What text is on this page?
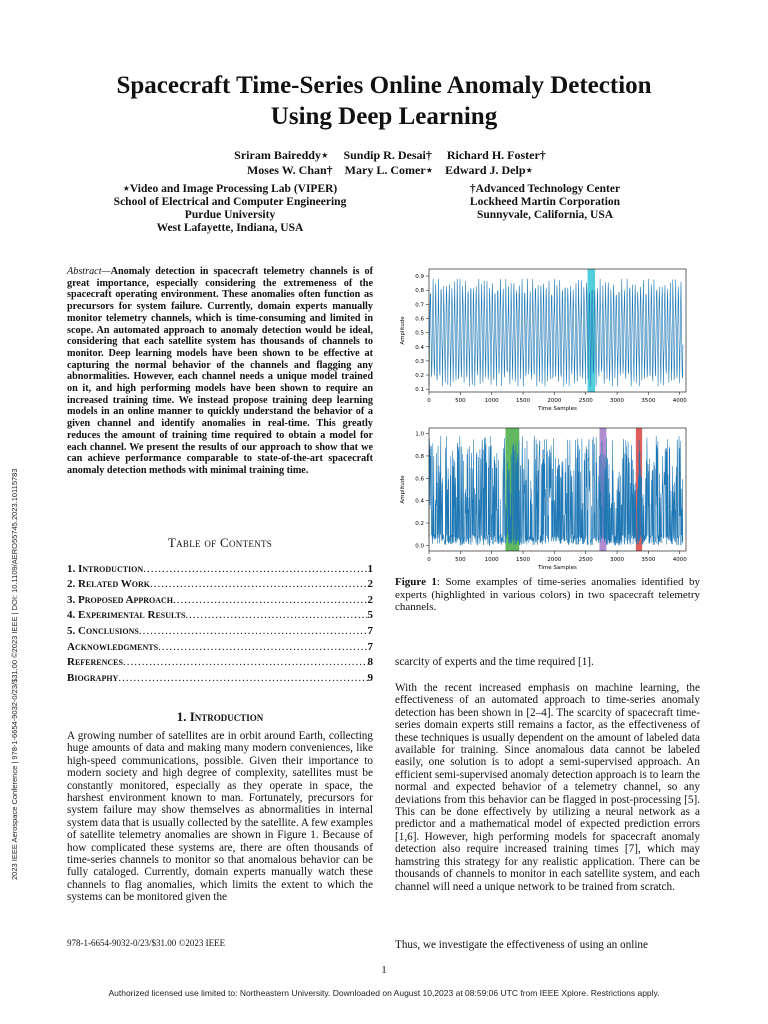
Spacecraft Time-Series Online Anomaly Detection
Using Deep Learning
Sriram Baireddy⋆     Sundip R. Desai†     Richard H. Foster†
Moses W. Chan†    Mary L. Comer⋆    Edward J. Delp⋆
⋆Video and Image Processing Lab (VIPER)
School of Electrical and Computer Engineering
Purdue University
West Lafayette, Indiana, USA
†Advanced Technology Center
Lockheed Martin Corporation
Sunnyvale, California, USA
Abstract—Anomaly detection in spacecraft telemetry channels is of great importance, especially considering the extremeness of the spacecraft operating environment. These anomalies often function as precursors for system failure. Currently, domain experts manually monitor telemetry channels, which is time-consuming and limited in scope. An automated approach to anomaly detection would be ideal, considering that each satellite system has thousands of channels to monitor. Deep learning models have been shown to be effective at capturing the normal behavior of the channels and flagging any abnormalities. However, each channel needs a unique model trained on it, and high performing models have been shown to require an increased training time. We instead propose training deep learning models in an online manner to quickly understand the behavior of a given channel and identify anomalies in real-time. This greatly reduces the amount of training time required to obtain a model for each channel. We present the results of our approach to show that we can achieve performance comparable to state-of-the-art spacecraft anomaly detection methods with minimal training time.
Table of Contents
1. Introduction .....	1
2. Related Work .....	2
3. Proposed Approach .....	2
4. Experimental Results .....	5
5. Conclusions .....	7
Acknowledgments .....	7
References .....	8
Biography .....	9
1. Introduction
A growing number of satellites are in orbit around Earth, collecting huge amounts of data and making many modern conveniences, like high-speed communications, possible. Given their importance to modern society and high degree of complexity, satellites must be constantly monitored, especially as they operate in space, the harshest environment known to man. Fortunately, precursors for system failure may show themselves as abnormalities in internal system data that is usually collected by the satellite. A few examples of satellite telemetry anomalies are shown in Figure 1. Because of how complicated these systems are, there are often thousands of time-series channels to monitor so that anomalous behavior can be fully cataloged. Currently, domain experts manually watch these channels to flag anomalies, which limits the extent to which the systems can be monitored given the
978-1-6654-9032-0/23/$31.00 ©2023 IEEE
0	500	1000	1500	2000	2500	3000	3500	4000
0.1
0.2
0.3
0.4
0.5
0.6
0.7
0.8
0.9
Time Samples
Amplitude

0	500	1000	1500	2000	2500	3000	3500	4000
0.0
0.2
0.4
0.6
0.8
1.0
Time Samples
Amplitude
Figure 1: Some examples of time-series anomalies identified by experts (highlighted in various colors) in two spacecraft telemetry channels.
scarcity of experts and the time required [1].
With the recent increased emphasis on machine learning, the effectiveness of an automated approach to time-series anomaly detection has been shown in [2–4]. The scarcity of spacecraft time-series domain experts still remains a factor, as the effectiveness of these techniques is usually dependent on the amount of labeled data available for training. Since anomalous data cannot be labeled easily, one solution is to adopt a semi-supervised approach. An efficient semi-supervised anomaly detection approach is to learn the normal and expected behavior of a telemetry channel, so any deviations from this behavior can be flagged in post-processing [5]. This can be done effectively by utilizing a neural network as a predictor and a mathematical model of expected prediction errors [1,6]. However, high performing models for spacecraft anomaly detection also require increased training times [7], which may hamstring this strategy for any realistic application. There can be thousands of channels to monitor in each satellite system, and each channel will need a unique network to be trained from scratch.
Thus, we investigate the effectiveness of using an online
1
Authorized licensed use limited to: Northeastern University. Downloaded on August 10,2023 at 08:59:06 UTC from IEEE Xplore. Restrictions apply.
2023 IEEE Aerospace Conference | 978-1-6654-9032-0/23/$31.00 ©2023 IEEE | DOI: 10.1109/AERO55745.2023.10115783
